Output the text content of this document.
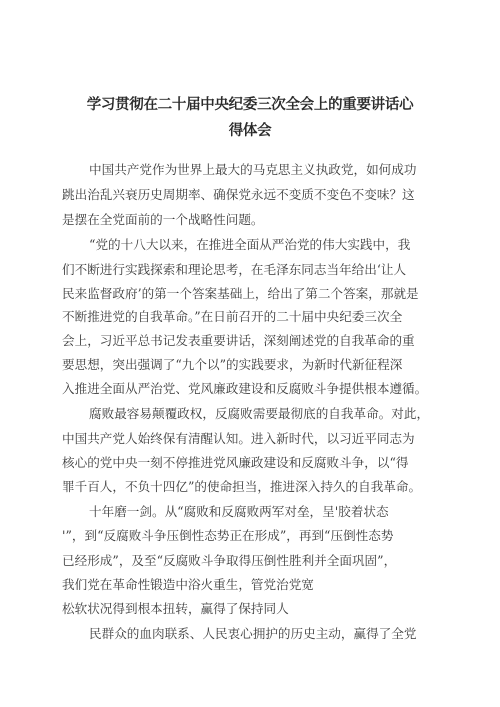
学习贯彻在二十届中央纪委三次全会上的重要讲话心
得体会
中国共产党作为世界上最大的马克思主义执政党，如何成功
跳出治乱兴衰历史周期率、确保党永远不变质不变色不变味？这
是摆在全党面前的一个战略性问题。
“党的十八大以来，在推进全面从严治党的伟大实践中，我
们不断进行实践探索和理论思考，在毛泽东同志当年给出‘让人
民来监督政府’的第一个答案基础上，给出了第二个答案，那就是
不断推进党的自我革命。”在日前召开的二十届中央纪委三次全
会上，习近平总书记发表重要讲话，深刻阐述党的自我革命的重
要思想，突出强调了“九个以”的实践要求，为新时代新征程深
入推进全面从严治党、党风廉政建设和反腐败斗争提供根本遵循。
腐败最容易颠覆政权，反腐败需要最彻底的自我革命。对此，
中国共产党人始终保有清醒认知。进入新时代，以习近平同志为
核心的党中央一刻不停推进党风廉政建设和反腐败斗争，以“得
罪千百人，不负十四亿”的使命担当，推进深入持久的自我革命。
十年磨一剑。从“腐败和反腐败两军对垒，呈'胶着状态
'”，到“反腐败斗争压倒性态势正在形成”，再到“压倒性态势
已经形成”，及至“反腐败斗争取得压倒性胜利并全面巩固”，
我们党在革命性锻造中浴火重生，管党治党宽
松软状况得到根本扭转，赢得了保持同人
民群众的血肉联系、人民衷心拥护的历史主动，赢得了全党
